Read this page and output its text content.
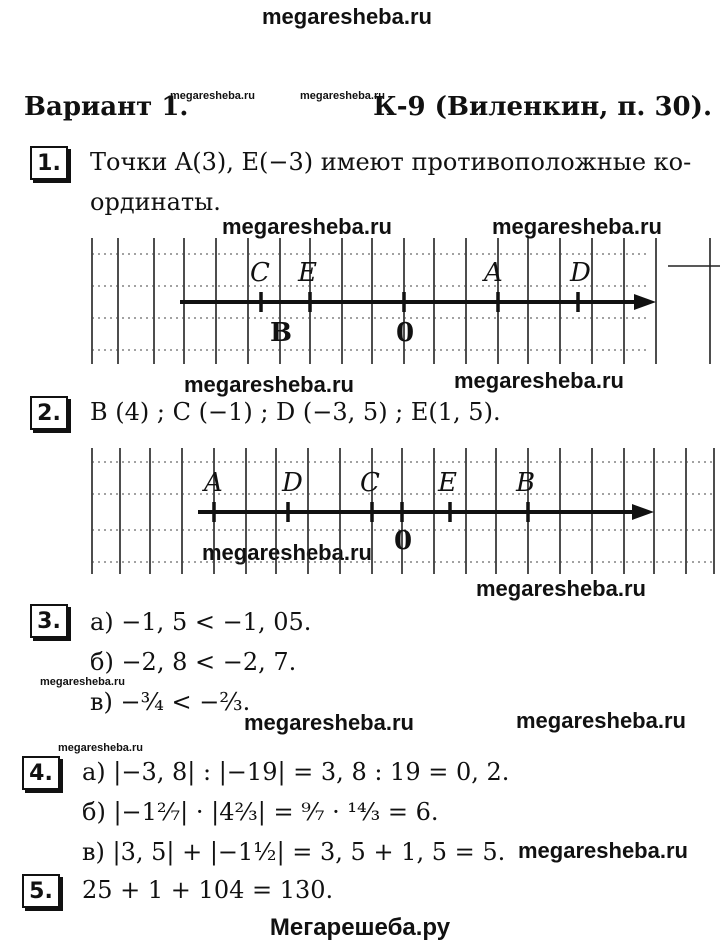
megaresheba.ru
megaresheba.ru	megaresheba.ru
megaresheba.ru	megaresheba.ru
megaresheba.ru	megaresheba.ru
megaresheba.ru
megaresheba.ru
megaresheba.ru
megaresheba.ru	megaresheba.ru
megaresheba.ru
megaresheba.ru
Вариант 1.	К-9 (Виленкин, п. 30).
1. Точки A(3), E(−3) имеют противоположные ко-
ординаты.
C E	A	D
B	0
2. B (4) ; C (−1) ; D (−3, 5) ; E(1, 5).
A D C E B
0
3. а) −1, 5 < −1, 05.
б) −2, 8 < −2, 7.
в) −¾ < −⅔.
4. а) |−3, 8| : |−19| = 3, 8 : 19 = 0, 2.
б) |−1²⁄₇| · |4²⁄₃| = ⁹⁄₇ · ¹⁴⁄₃ = 6.
в) |3, 5| + |−1½| = 3, 5 + 1, 5 = 5.
5. 25 + 1 + 104 = 130.
Мегарешеба.ру
